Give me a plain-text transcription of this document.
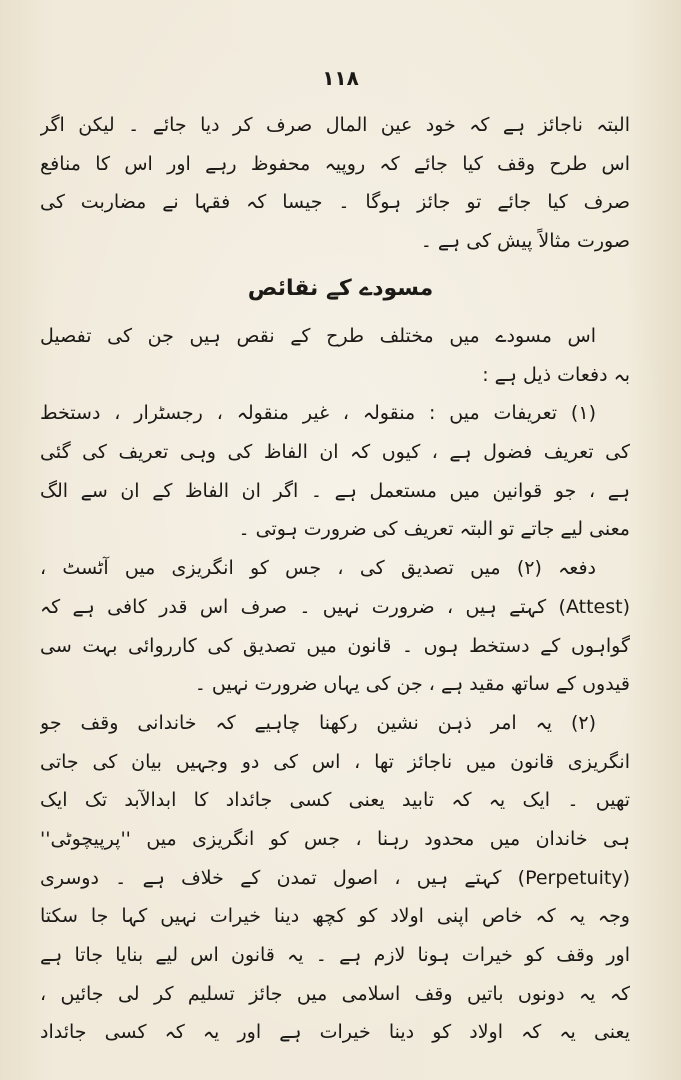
۱۱۸
البتہ ناجائز ہے کہ خود عین المال صرف کر دیا جائے ۔ لیکن اگر
اس طرح وقف کیا جائے کہ روپیہ محفوظ رہے اور اس کا منافع
صرف کیا جائے تو جائز ہوگا ۔ جیسا کہ فقہا نے مضاربت کی
صورت مثالاً پیش کی ہے ۔
مسودے کے نقائص
اس مسودے میں مختلف طرح کے نقص ہیں جن کی تفصیل
بہ دفعات ذیل ہے :
(۱) تعریفات میں : منقولہ ، غیر منقولہ ، رجسٹرار ، دستخط
کی تعریف فضول ہے ، کیوں کہ ان الفاظ کی وہی تعریف کی گئی
ہے ، جو قوانین میں مستعمل ہے ۔ اگر ان الفاظ کے ان سے الگ
معنی لیے جاتے تو البتہ تعریف کی ضرورت ہوتی ۔
دفعہ (۲) میں تصدیق کی ، جس کو انگریزی میں آٹسٹ ،
(Attest) کہتے ہیں ، ضرورت نہیں ۔ صرف اس قدر کافی ہے کہ
گواہوں کے دستخط ہوں ۔ قانون میں تصدیق کی کارروائی بہت سی
قیدوں کے ساتھ مقید ہے ، جن کی یہاں ضرورت نہیں ۔
(۲) یہ امر ذہن نشین رکھنا چاہیے کہ خاندانی وقف جو
انگریزی قانون میں ناجائز تھا ، اس کی دو وجہیں بیان کی جاتی
تھیں ۔ ایک یہ کہ تابید یعنی کسی جائداد کا ابدالآبد تک ایک
ہی خاندان میں محدود رہنا ، جس کو انگریزی میں ''پرپیچوٹی''
(Perpetuity) کہتے ہیں ، اصول تمدن کے خلاف ہے ۔ دوسری
وجہ یہ کہ خاص اپنی اولاد کو کچھ دینا خیرات نہیں کہا جا سکتا
اور وقف کو خیرات ہونا لازم ہے ۔ یہ قانون اس لیے بنایا جاتا ہے
کہ یہ دونوں باتیں وقف اسلامی میں جائز تسلیم کر لی جائیں ،
یعنی یہ کہ اولاد کو دینا خیرات ہے اور یہ کہ کسی جائداد
